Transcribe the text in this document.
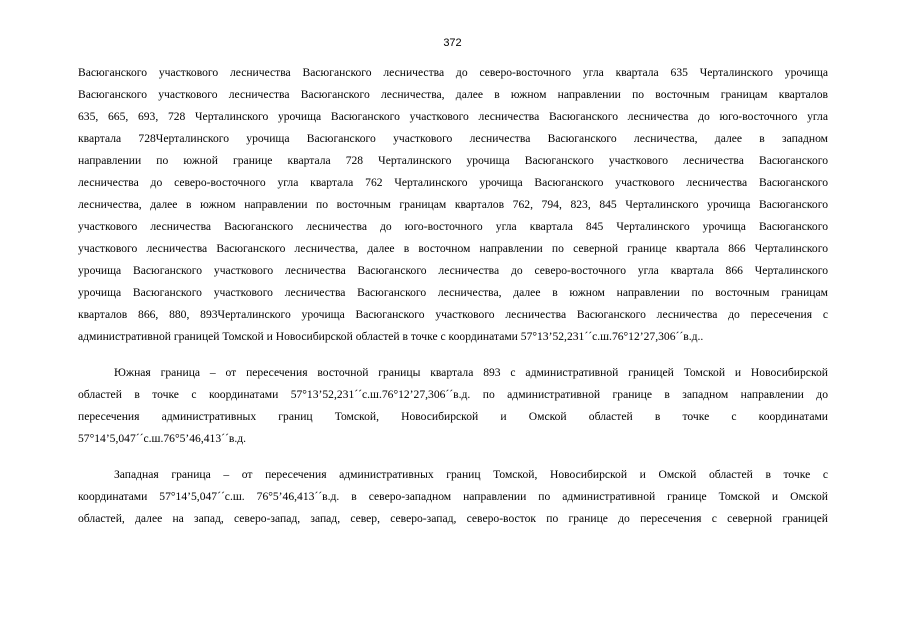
372
Васюганского участкового лесничества Васюганского лесничества до северо-восточного угла квартала 635 Черталинского урочища
Васюганского участкового лесничества Васюганского лесничества, далее в южном направлении по восточным границам кварталов
635, 665, 693, 728 Черталинского урочища Васюганского участкового лесничества Васюганского лесничества до юго-восточного угла
квартала 728Черталинского урочища Васюганского участкового лесничества Васюганского лесничества, далее в западном
направлении по южной границе квартала 728 Черталинского урочища Васюганского участкового лесничества Васюганского
лесничества до северо-восточного угла квартала 762 Черталинского урочища Васюганского участкового лесничества Васюганского
лесничества, далее в южном направлении по восточным границам кварталов 762, 794, 823, 845 Черталинского урочища Васюганского
участкового лесничества Васюганского лесничества до юго-восточного угла квартала 845 Черталинского урочища Васюганского
участкового лесничества Васюганского лесничества, далее в восточном направлении по северной границе квартала 866 Черталинского
урочища Васюганского участкового лесничества Васюганского лесничества до северо-восточного угла квартала 866 Черталинского
урочища Васюганского участкового лесничества Васюганского лесничества, далее в южном направлении по восточным границам
кварталов 866, 880, 893Черталинского урочища Васюганского участкового лесничества Васюганского лесничества до пересечения с
административной границей Томской и Новосибирской областей в точке с координатами 57°13’52,231´´с.ш.76°12’27,306´´в.д..
Южная граница – от пересечения восточной границы квартала 893 с административной границей Томской и Новосибирской
областей в точке с координатами 57°13’52,231´´с.ш.76°12’27,306´´в.д. по административной границе в западном направлении до
пересечения административных границ Томской, Новосибирской и Омской областей в точке с координатами
57°14’5,047´´с.ш.76°5’46,413´´в.д.
Западная граница – от пересечения административных границ Томской, Новосибирской и Омской областей в точке с
координатами 57°14’5,047´´с.ш. 76°5’46,413´´в.д. в северо-западном направлении по административной границе Томской и Омской
областей, далее на запад, северо-запад, запад, север, северо-запад, северо-восток по границе до пересечения с северной границей
